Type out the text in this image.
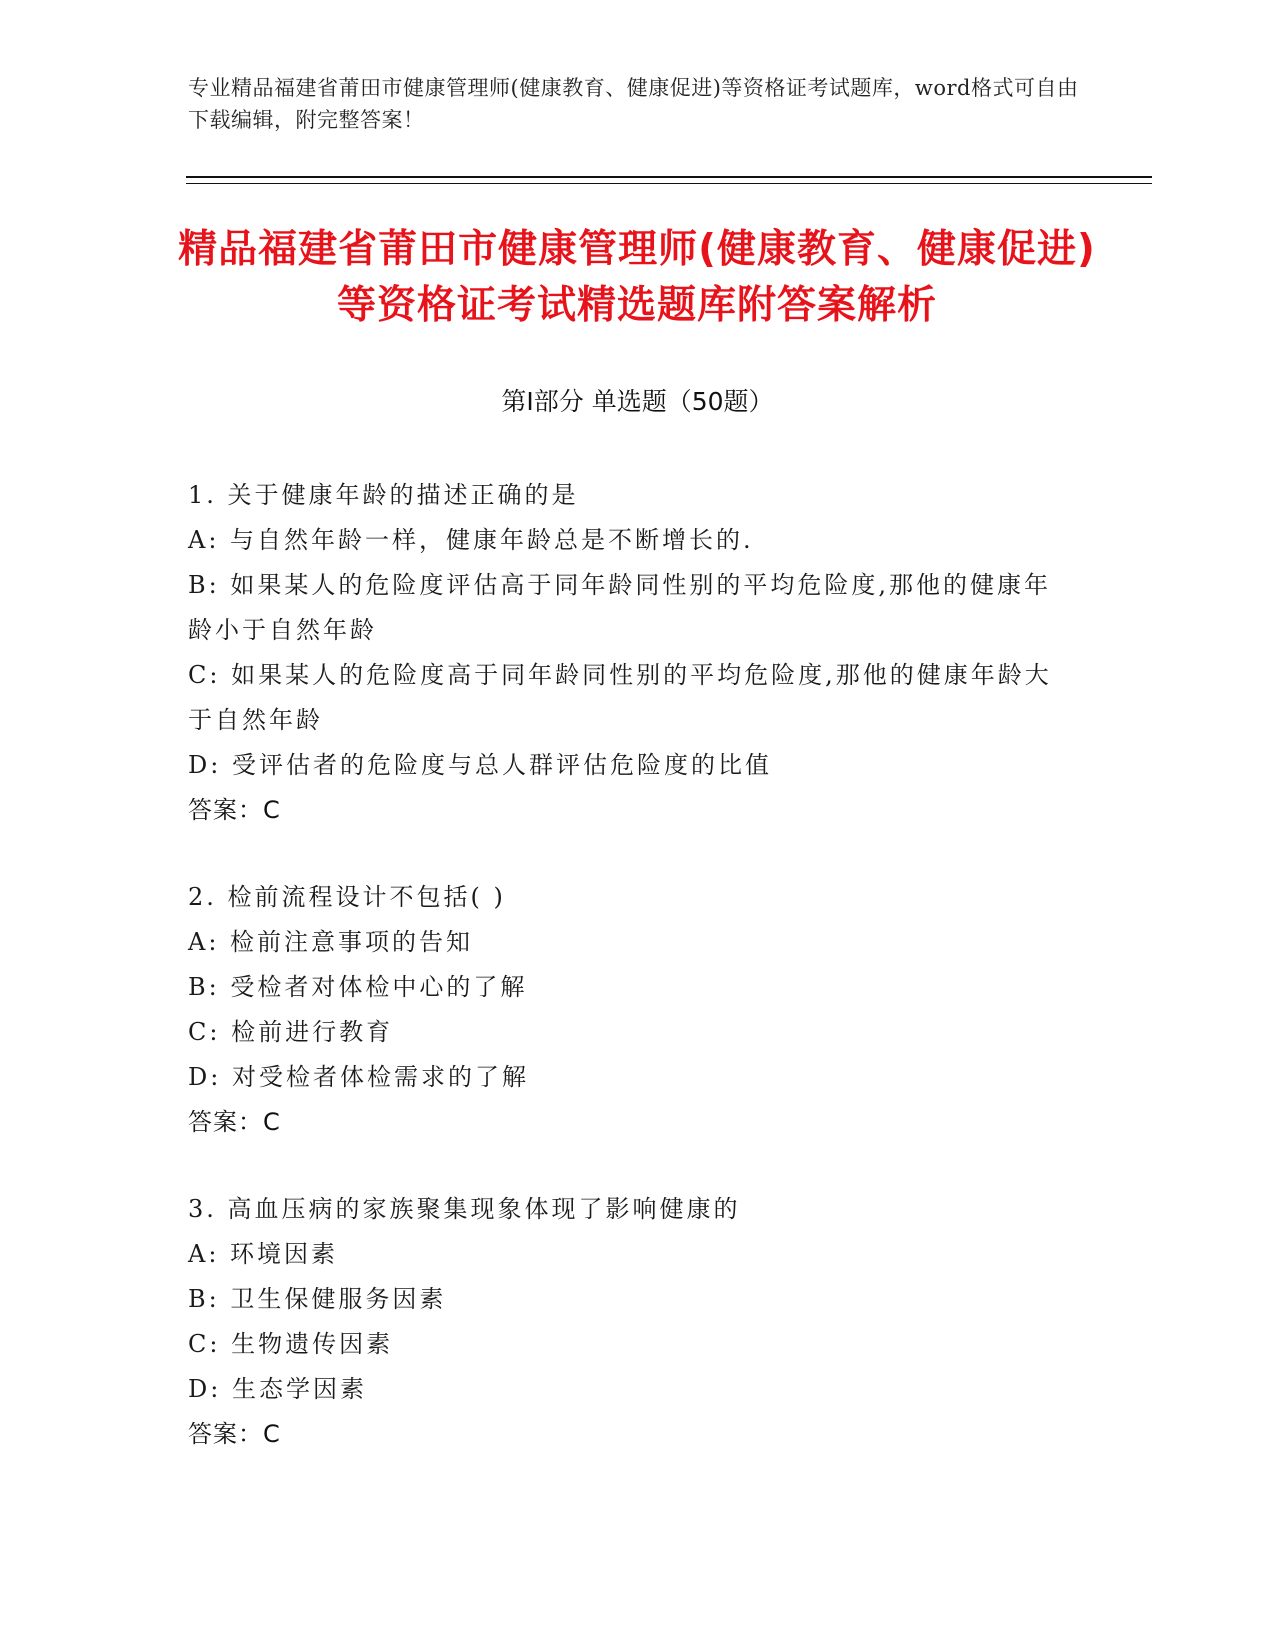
专业精品福建省莆田市健康管理师(健康教育、健康促进)等资格证考试题库，word格式可自由下载编辑，附完整答案！
精品福建省莆田市健康管理师(健康教育、健康促进)等资格证考试精选题库附答案解析
第Ⅰ部分 单选题（50题）
1. 关于健康年龄的描述正确的是
A: 与自然年龄一样，健康年龄总是不断增长的.
B: 如果某人的危险度评估高于同年龄同性别的平均危险度,那他的健康年龄小于自然年龄
C: 如果某人的危险度高于同年龄同性别的平均危险度,那他的健康年龄大于自然年龄
D: 受评估者的危险度与总人群评估危险度的比值
答案：C
2. 检前流程设计不包括( )
A: 检前注意事项的告知
B: 受检者对体检中心的了解
C: 检前进行教育
D: 对受检者体检需求的了解
答案：C
3. 高血压病的家族聚集现象体现了影响健康的
A: 环境因素
B: 卫生保健服务因素
C: 生物遗传因素
D: 生态学因素
答案：C
